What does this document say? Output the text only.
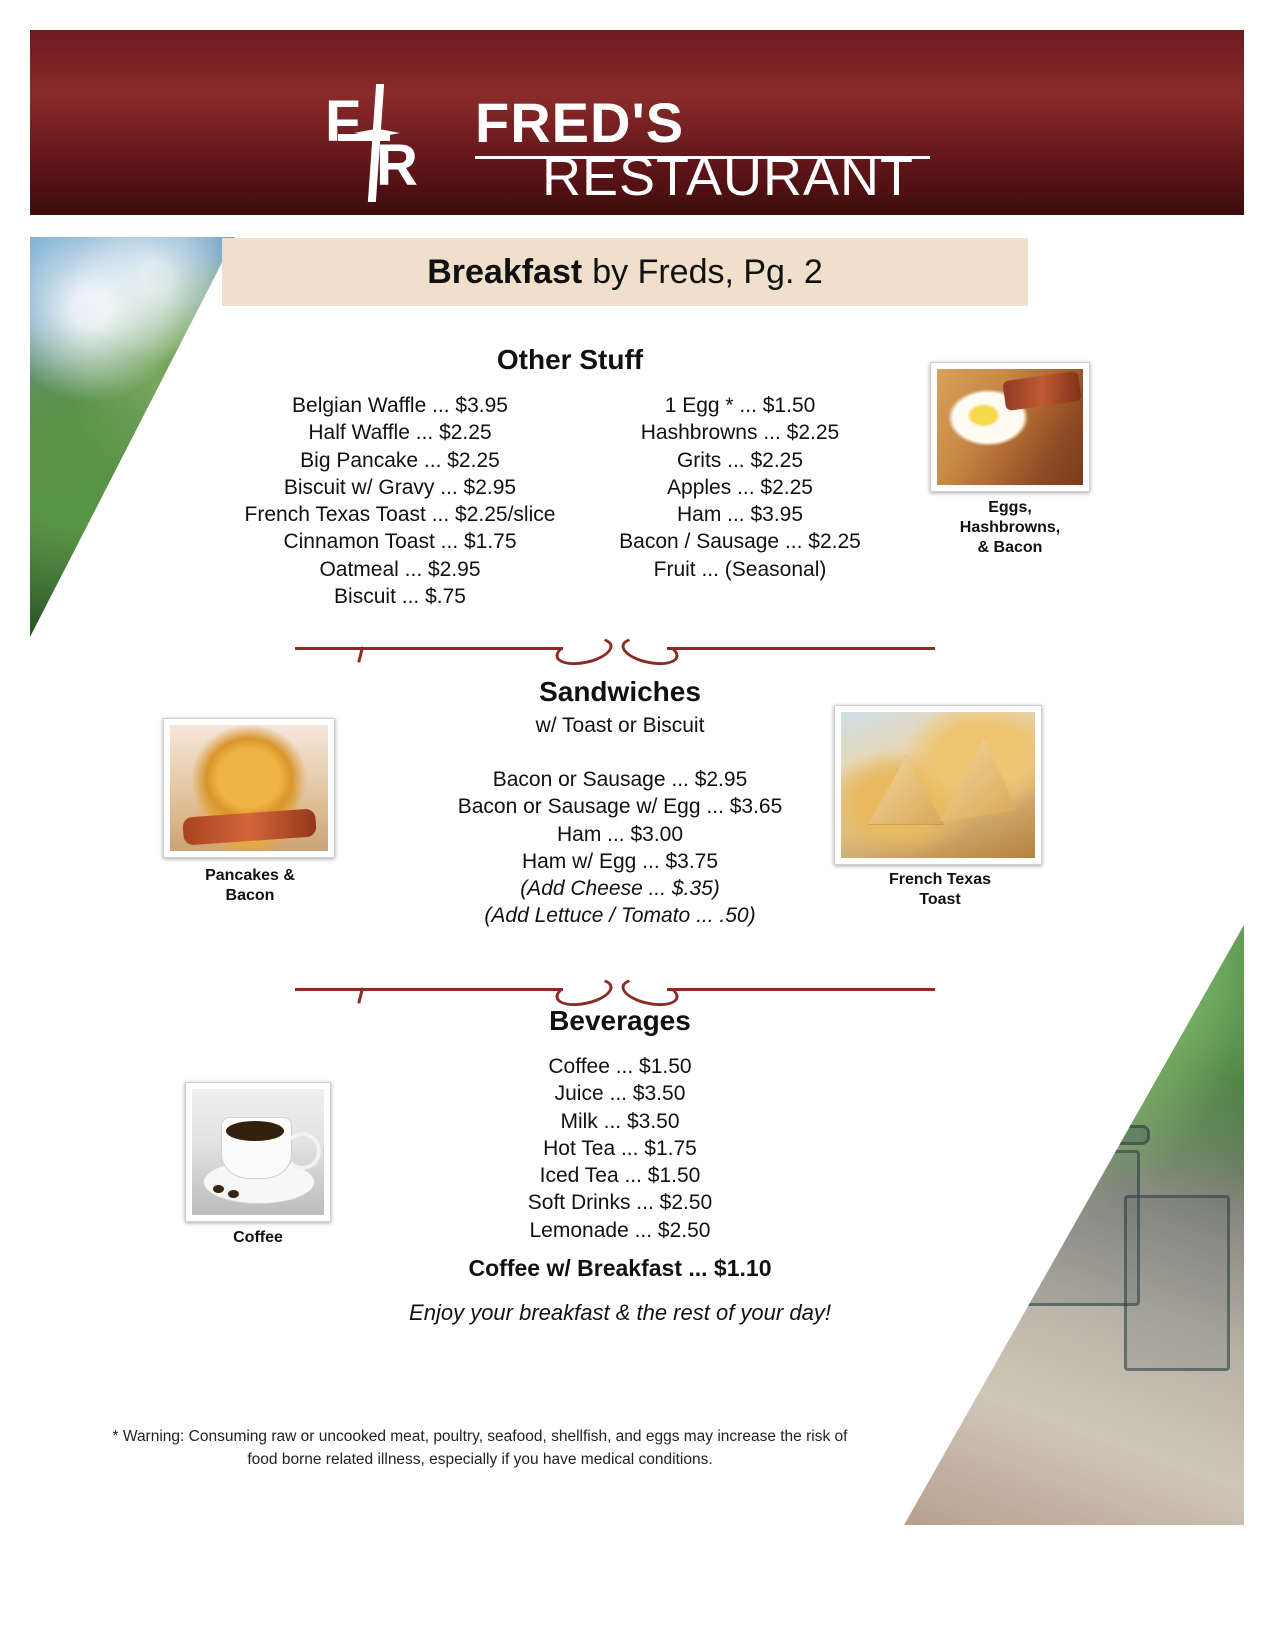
F
R
FRED'S
RESTAURANT
Breakfast by Freds, Pg. 2
Other Stuff
Belgian Waffle ... $3.95
Half Waffle ... $2.25
Big Pancake ... $2.25
Biscuit w/ Gravy ... $2.95
French Texas Toast ... $2.25/slice
Cinnamon Toast ... $1.75
Oatmeal ... $2.95
Biscuit ... $.75
1 Egg * ... $1.50
Hashbrowns ... $2.25
Grits ... $2.25
Apples ... $2.25
Ham ... $3.95
Bacon / Sausage ... $2.25
Fruit ... (Seasonal)
Eggs,
Hashbrowns,
& Bacon
Sandwiches
w/ Toast or Biscuit
Bacon or Sausage ... $2.95
Bacon or Sausage w/ Egg ... $3.65
Ham ... $3.00
Ham w/ Egg ... $3.75
(Add Cheese ... $.35)
(Add Lettuce / Tomato ... .50)
Pancakes &
Bacon
French Texas
Toast
Beverages
Coffee ... $1.50
Juice ... $3.50
Milk ... $3.50
Hot Tea ... $1.75
Iced Tea ... $1.50
Soft Drinks ... $2.50
Lemonade ... $2.50
Coffee w/ Breakfast ... $1.10
Enjoy your breakfast & the rest of your day!
Coffee
* Warning: Consuming raw or uncooked meat, poultry, seafood, shellfish, and eggs may increase the risk of food borne related illness, especially if you have medical conditions.
